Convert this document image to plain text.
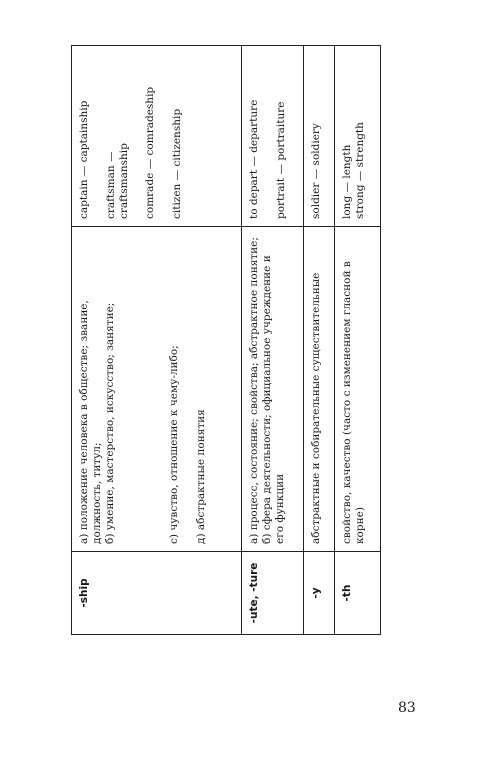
-ship	а) положение человека в обществе; звание, должность, титул; б) умение, мастерство, искусство; занятие; с) чувство, отношение к чему-либо; д) абстрактные понятия	captain — captainship craftsman — craftsmanship comrade — comradeship citizen — citizenship

-ute, -ture	а) процесс, состояние; свойства; абстрактное понятие; б) сфера деятельности; официальное учреждение и его функции	to depart — departure portrait — portraiture

-y	абстрактные и собирательные существительные	soldier — soldiery

-th	свойство, качество (часто с изменением гласной в корне)	long — length strong — strength
83
